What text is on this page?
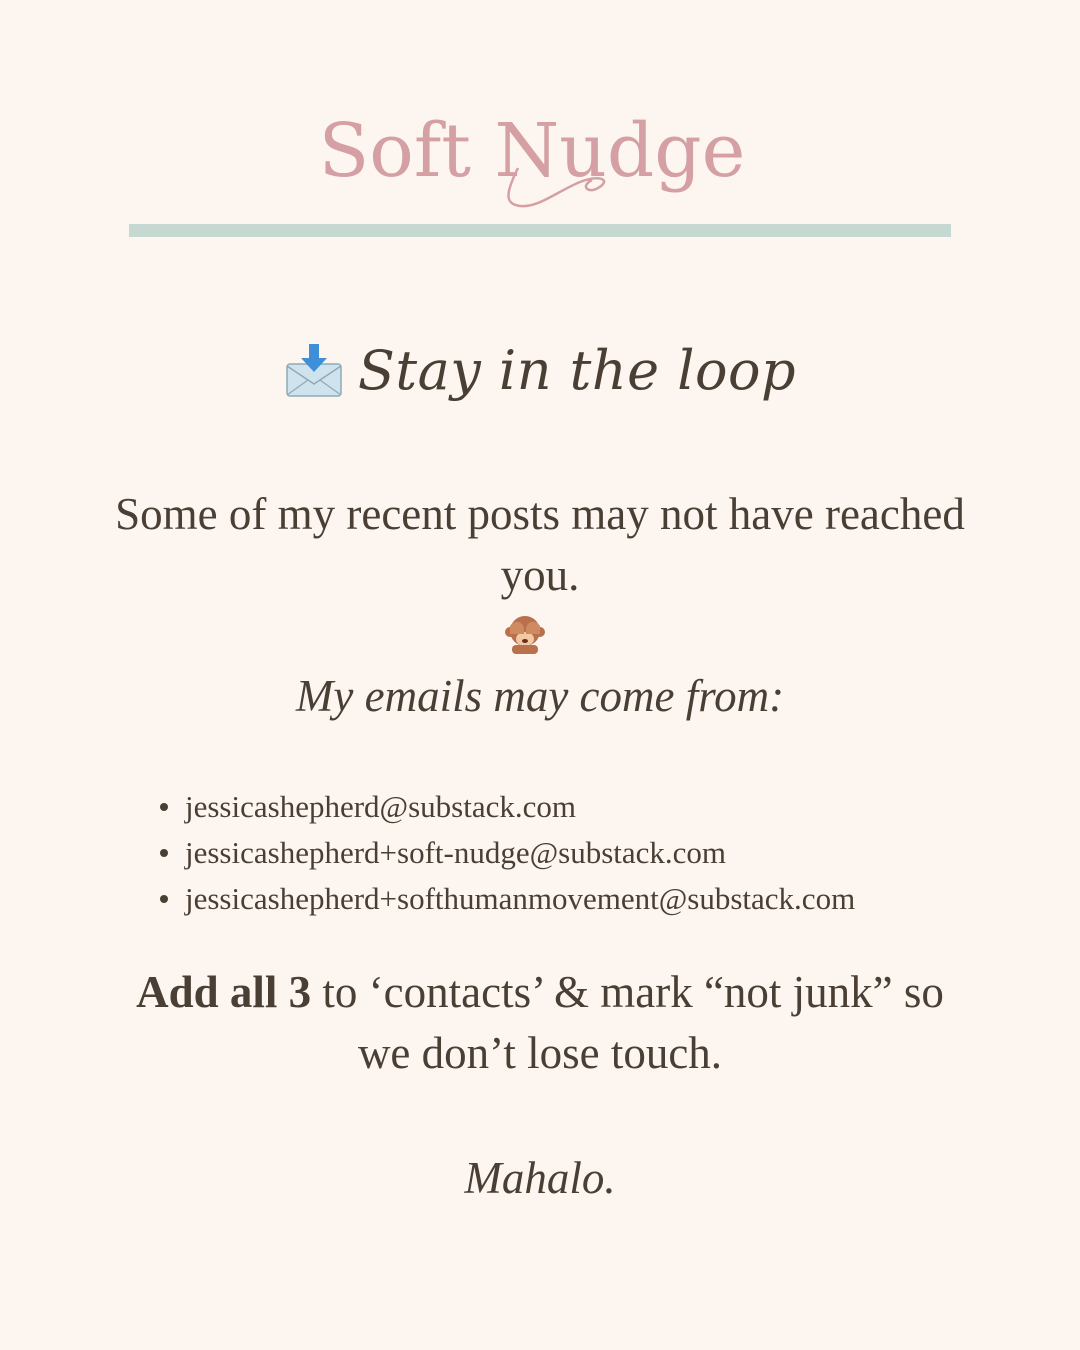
Soft Nudge
Stay in the loop

Some of my recent posts may not have reached you.

My emails may come from:

jessicashepherd@substack.com
jessicashepherd+soft-nudge@substack.com
jessicashepherd+softhumanmovement@substack.com

Add all 3 to ‘contacts’ & mark “not junk” so we don’t lose touch.

Mahalo.
